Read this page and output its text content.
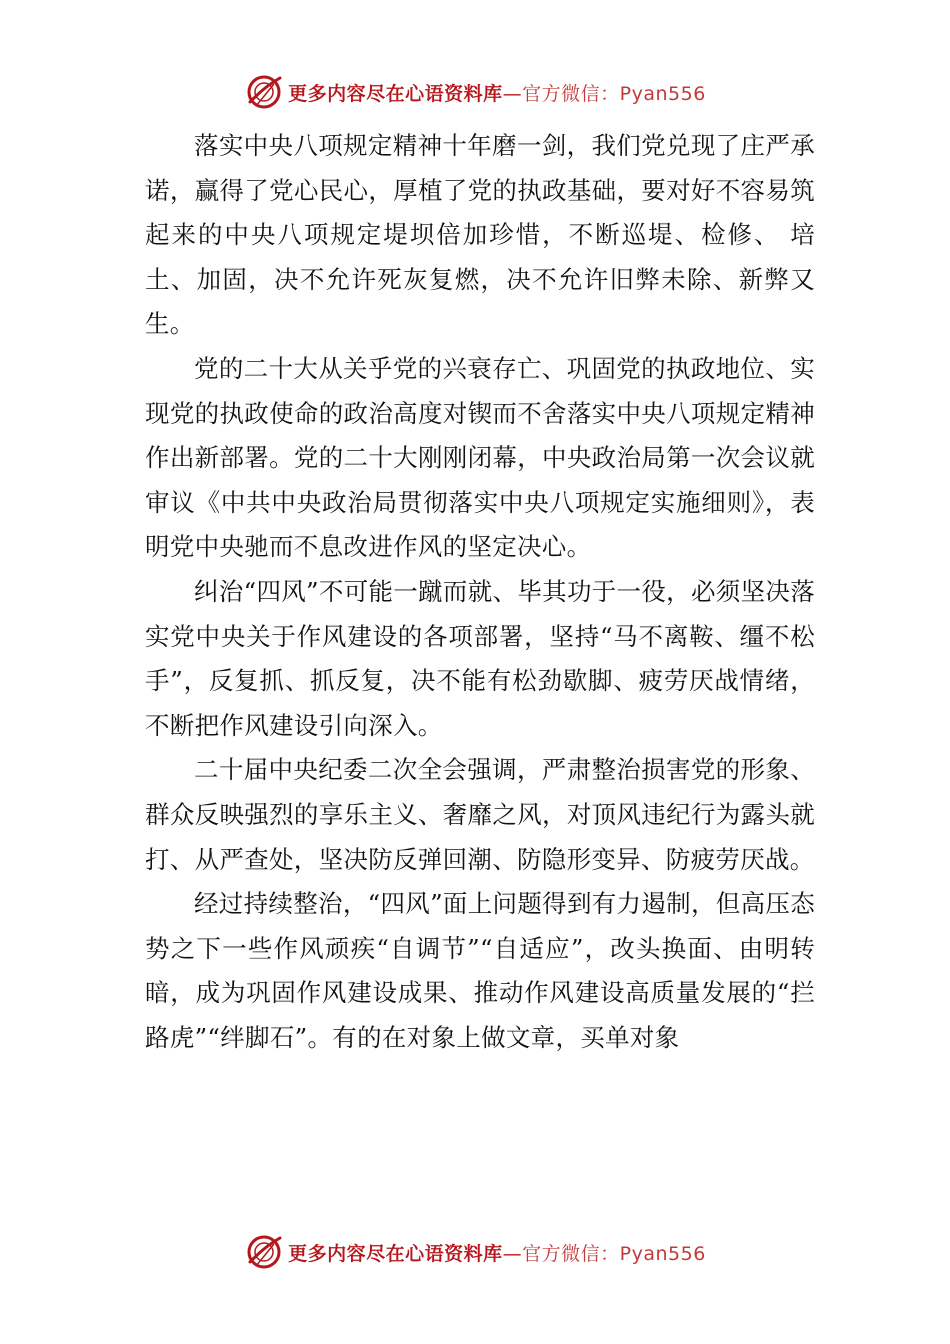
更多内容尽在心语资料库—官方微信：Pyan556

落实中央八项规定精神十年磨一剑，我们党兑现了庄严承诺，赢得了党心民心，厚植了党的执政基础，要对好不容易筑起来的中央八项规定堤坝倍加珍惜，不断巡堤、检修、 培土、加固，决不允许死灰复燃，决不允许旧弊未除、新弊又生。

党的二十大从关乎党的兴衰存亡、巩固党的执政地位、实现党的执政使命的政治高度对锲而不舍落实中央八项规定精神作出新部署。党的二十大刚刚闭幕，中央政治局第一次会议就审议《中共中央政治局贯彻落实中央八项规定实施细则》，表明党中央驰而不息改进作风的坚定决心。

纠治“四风”不可能一蹴而就、毕其功于一役，必须坚决落实党中央关于作风建设的各项部署，坚持“马不离鞍、缰不松手”，反复抓、抓反复，决不能有松劲歇脚、疲劳厌战情绪，不断把作风建设引向深入。

二十届中央纪委二次全会强调，严肃整治损害党的形象、群众反映强烈的享乐主义、奢靡之风，对顶风违纪行为露头就打、从严查处，坚决防反弹回潮、防隐形变异、防疲劳厌战。

经过持续整治，“四风”面上问题得到有力遏制，但高压态势之下一些作风顽疾“自调节”“自适应”，改头换面、由明转暗，成为巩固作风建设成果、推动作风建设高质量发展的“拦路虎”“绊脚石”。有的在对象上做文章，买单对象

更多内容尽在心语资料库—官方微信：Pyan556
